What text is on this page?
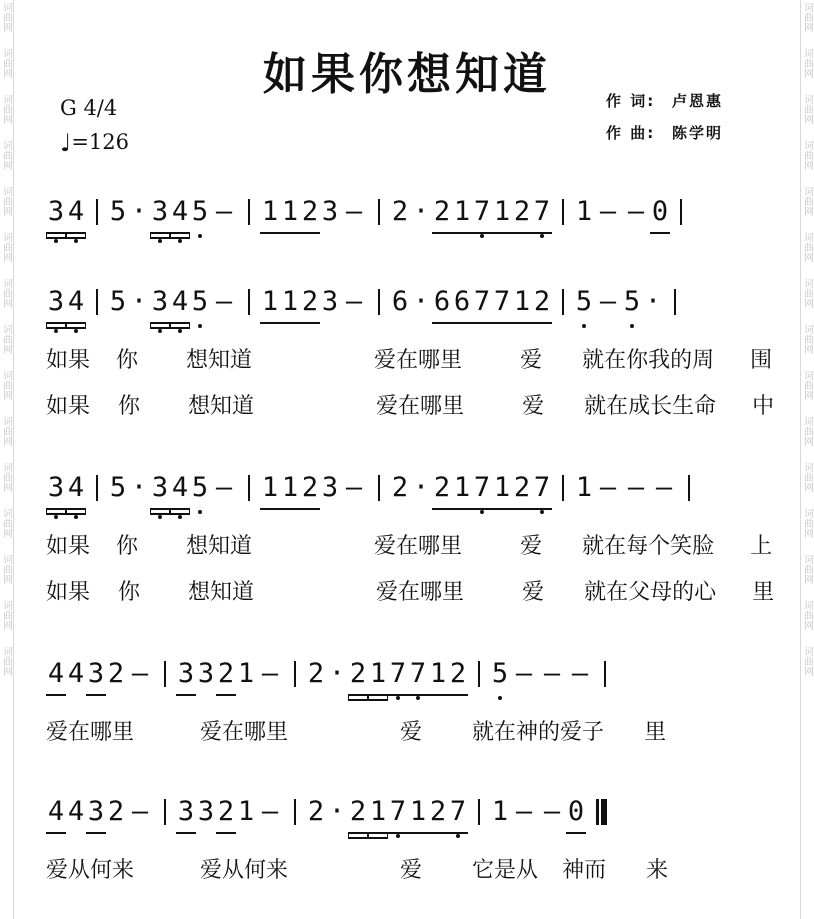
词曲网
词曲网
词曲网
词曲网
词曲网
词曲网
词曲网
词曲网
词曲网
词曲网
词曲网
词曲网
词曲网
词曲网
词曲网
词曲网
词曲网
词曲网
词曲网
词曲网
词曲网
词曲网
词曲网
词曲网
词曲网
词曲网
词曲网
词曲网
词曲网
词曲网
如果你想知道
G 4/4
♩ =126
作 词: 卢恩惠
作 曲: 陈学明
3 4 5 · 3 4 5 — 1 1 2 3 — 2 · 2 1 7 1 2 7 1 — — 0
3 4 5 · 3 4 5 — 1 1 2 3 — 6 · 6 6 7 7 1 2 5 — 5 ·
如果 你 想知道	爱在哪里	爱 就在你我的周 围
如果 你 想知道	爱在哪里	爱 就在成长生命 中
3 4 5 · 3 4 5 — 1 1 2 3 — 2 · 2 1 7 1 2 7 1 — — —
如果 你 想知道	爱在哪里	爱 就在每个笑脸 上
如果 你 想知道	爱在哪里	爱 就在父母的心 里
4 4 3 2 — 3 3 2 1 — 2 · 2 1 7 7 1 2 5 — — —
爱在哪里	爱在哪里	爱 就在神的爱子 里
4 4 3 2 — 3 3 2 1 — 2 · 2 1 7 1 2 7 1 — — 0
爱从何来	爱从何来	爱 它是从 神而 来
